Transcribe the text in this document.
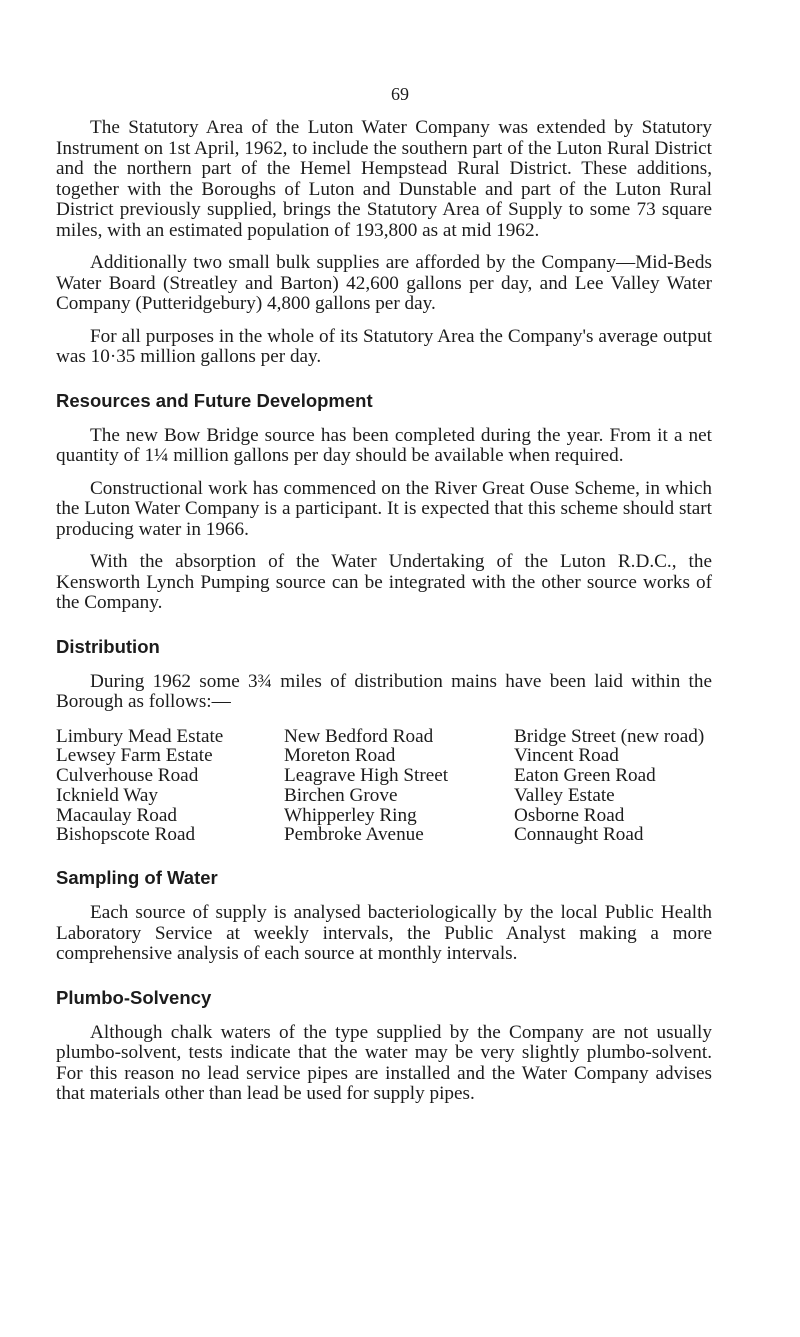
69

The Statutory Area of the Luton Water Company was extended by Statutory Instrument on 1st April, 1962, to include the southern part of the Luton Rural District and the northern part of the Hemel Hempstead Rural District. These additions, together with the Boroughs of Luton and Dunstable and part of the Luton Rural District previously supplied, brings the Statutory Area of Supply to some 73 square miles, with an estimated population of 193,800 as at mid 1962.

Additionally two small bulk supplies are afforded by the Company—Mid-Beds Water Board (Streatley and Barton) 42,600 gallons per day, and Lee Valley Water Company (Putteridgebury) 4,800 gallons per day.

For all purposes in the whole of its Statutory Area the Company's average output was 10·35 million gallons per day.

Resources and Future Development

The new Bow Bridge source has been completed during the year. From it a net quantity of 1¼ million gallons per day should be available when required.

Constructional work has commenced on the River Great Ouse Scheme, in which the Luton Water Company is a participant. It is expected that this scheme should start producing water in 1966.

With the absorption of the Water Undertaking of the Luton R.D.C., the Kensworth Lynch Pumping source can be integrated with the other source works of the Company.

Distribution

During 1962 some 3¾ miles of distribution mains have been laid within the Borough as follows:—

Limbury Mead Estate
Lewsey Farm Estate
Culverhouse Road
Icknield Way
Macaulay Road
Bishopscote Road
New Bedford Road
Moreton Road
Leagrave High Street
Birchen Grove
Whipperley Ring
Pembroke Avenue
Bridge Street (new road)
Vincent Road
Eaton Green Road
Valley Estate
Osborne Road
Connaught Road
Sampling of Water

Each source of supply is analysed bacteriologically by the local Public Health Laboratory Service at weekly intervals, the Public Analyst making a more comprehensive analysis of each source at monthly intervals.

Plumbo-Solvency

Although chalk waters of the type supplied by the Company are not usually plumbo-solvent, tests indicate that the water may be very slightly plumbo-solvent. For this reason no lead service pipes are installed and the Water Company advises that materials other than lead be used for supply pipes.
